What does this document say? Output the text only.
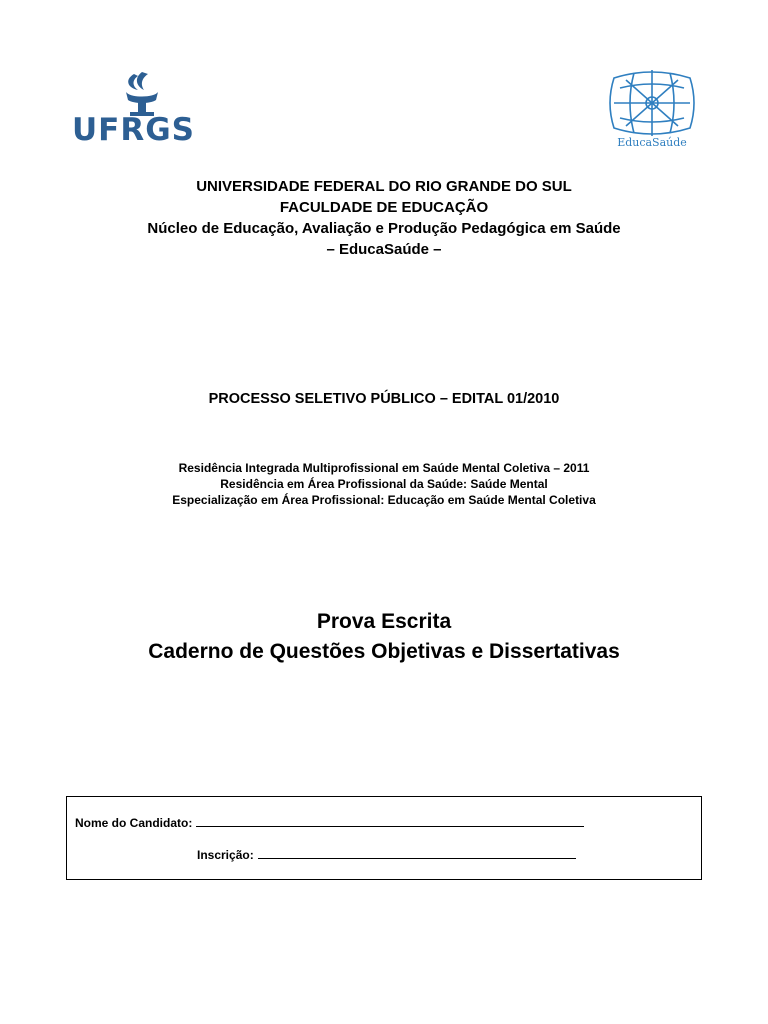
UFRGS	EducaSaúde
UNIVERSIDADE FEDERAL DO RIO GRANDE DO SUL
FACULDADE DE EDUCAÇÃO
Núcleo de Educação, Avaliação e Produção Pedagógica em Saúde
– EducaSaúde –
PROCESSO SELETIVO PÚBLICO – EDITAL 01/2010
Residência Integrada Multiprofissional em Saúde Mental Coletiva – 2011
Residência em Área Profissional da Saúde: Saúde Mental
Especialização em Área Profissional: Educação em Saúde Mental Coletiva
Prova Escrita
Caderno de Questões Objetivas e Dissertativas
Nome do Candidato:
Inscrição:
